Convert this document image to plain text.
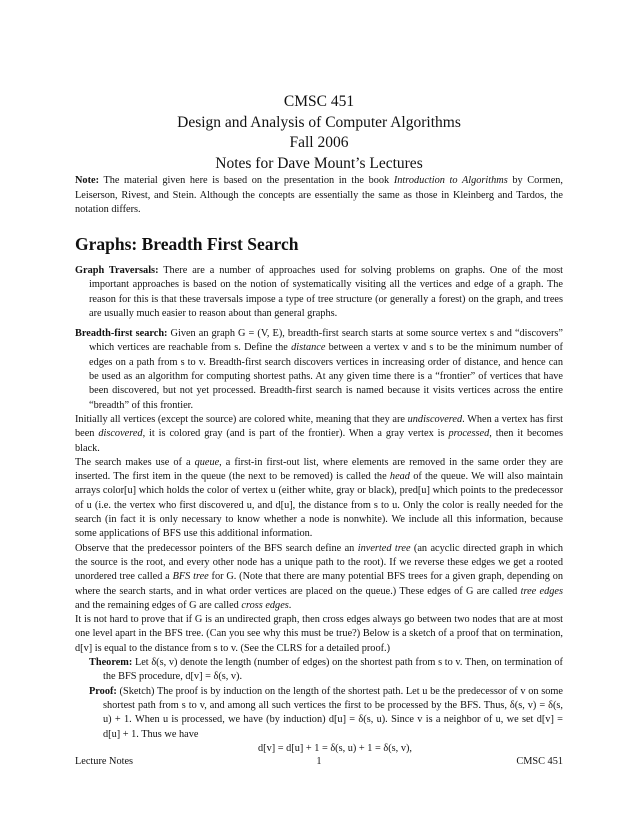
CMSC 451
Design and Analysis of Computer Algorithms
Fall 2006
Notes for Dave Mount’s Lectures
Note: The material given here is based on the presentation in the book Introduction to Algorithms by Cormen, Leiserson, Rivest, and Stein. Although the concepts are essentially the same as those in Kleinberg and Tardos, the notation differs.
Graphs: Breadth First Search

Graph Traversals: There are a number of approaches used for solving problems on graphs. One of the most important approaches is based on the notion of systematically visiting all the vertices and edge of a graph. The reason for this is that these traversals impose a type of tree structure (or generally a forest) on the graph, and trees are usually much easier to reason about than general graphs.

Breadth-first search: Given an graph G = (V, E), breadth-first search starts at some source vertex s and “discovers” which vertices are reachable from s. Define the distance between a vertex v and s to be the minimum number of edges on a path from s to v. Breadth-first search discovers vertices in increasing order of distance, and hence can be used as an algorithm for computing shortest paths. At any given time there is a “frontier” of vertices that have been discovered, but not yet processed. Breadth-first search is named because it visits vertices across the entire “breadth” of this frontier.

Initially all vertices (except the source) are colored white, meaning that they are undiscovered. When a vertex has first been discovered, it is colored gray (and is part of the frontier). When a gray vertex is processed, then it becomes black.

The search makes use of a queue, a first-in first-out list, where elements are removed in the same order they are inserted. The first item in the queue (the next to be removed) is called the head of the queue. We will also maintain arrays color[u] which holds the color of vertex u (either white, gray or black), pred[u] which points to the predecessor of u (i.e. the vertex who first discovered u, and d[u], the distance from s to u. Only the color is really needed for the search (in fact it is only necessary to know whether a node is nonwhite). We include all this information, because some applications of BFS use this additional information.

Observe that the predecessor pointers of the BFS search define an inverted tree (an acyclic directed graph in which the source is the root, and every other node has a unique path to the root). If we reverse these edges we get a rooted unordered tree called a BFS tree for G. (Note that there are many potential BFS trees for a given graph, depending on where the search starts, and in what order vertices are placed on the queue.) These edges of G are called tree edges and the remaining edges of G are called cross edges.

It is not hard to prove that if G is an undirected graph, then cross edges always go between two nodes that are at most one level apart in the BFS tree. (Can you see why this must be true?) Below is a sketch of a proof that on termination, d[v] is equal to the distance from s to v. (See the CLRS for a detailed proof.)

Theorem: Let δ(s, v) denote the length (number of edges) on the shortest path from s to v. Then, on termination of the BFS procedure, d[v] = δ(s, v).

Proof: (Sketch) The proof is by induction on the length of the shortest path. Let u be the predecessor of v on some shortest path from s to v, and among all such vertices the first to be processed by the BFS. Thus, δ(s, v) = δ(s, u) + 1. When u is processed, we have (by induction) d[u] = δ(s, u). Since v is a neighbor of u, we set d[v] = d[u] + 1. Thus we have

d[v] = d[u] + 1 = δ(s, u) + 1 = δ(s, v),

Lecture Notes	1	CMSC 451
